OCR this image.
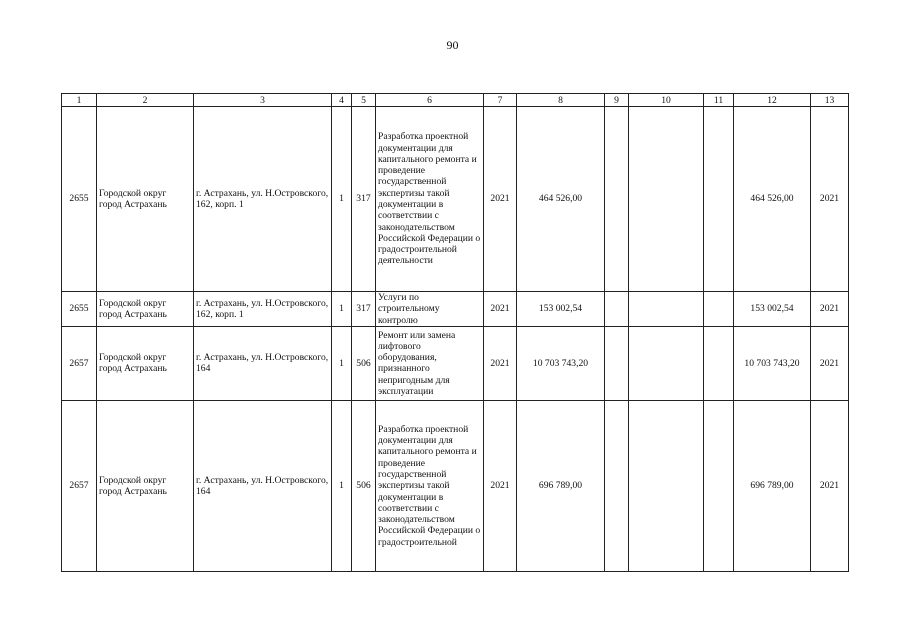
90
1	2	3	4	5	6	7	8	9	10	11	12	13
2655	Городской округ город Астрахань	г. Астрахань, ул. Н.Островского, 162, корп. 1	1	317	Разработка проектной документации для капитального ремонта и проведение государственной экспертизы такой документации в соответствии с законодательством Российской Федерации о градостроительной деятельности	2021	464 526,00				464 526,00	2021
2655	Городской округ город Астрахань	г. Астрахань, ул. Н.Островского, 162, корп. 1	1	317	Услуги по строительному контролю	2021	153 002,54				153 002,54	2021
2657	Городской округ город Астрахань	г. Астрахань, ул. Н.Островского, 164	1	506	Ремонт или замена лифтового оборудования, признанного непригодным для эксплуатации	2021	10 703 743,20				10 703 743,20	2021
2657	Городской округ город Астрахань	г. Астрахань, ул. Н.Островского, 164	1	506	Разработка проектной документации для капитального ремонта и проведение государственной экспертизы такой документации в соответствии с законодательством Российской Федерации о градостроительной	2021	696 789,00				696 789,00	2021
